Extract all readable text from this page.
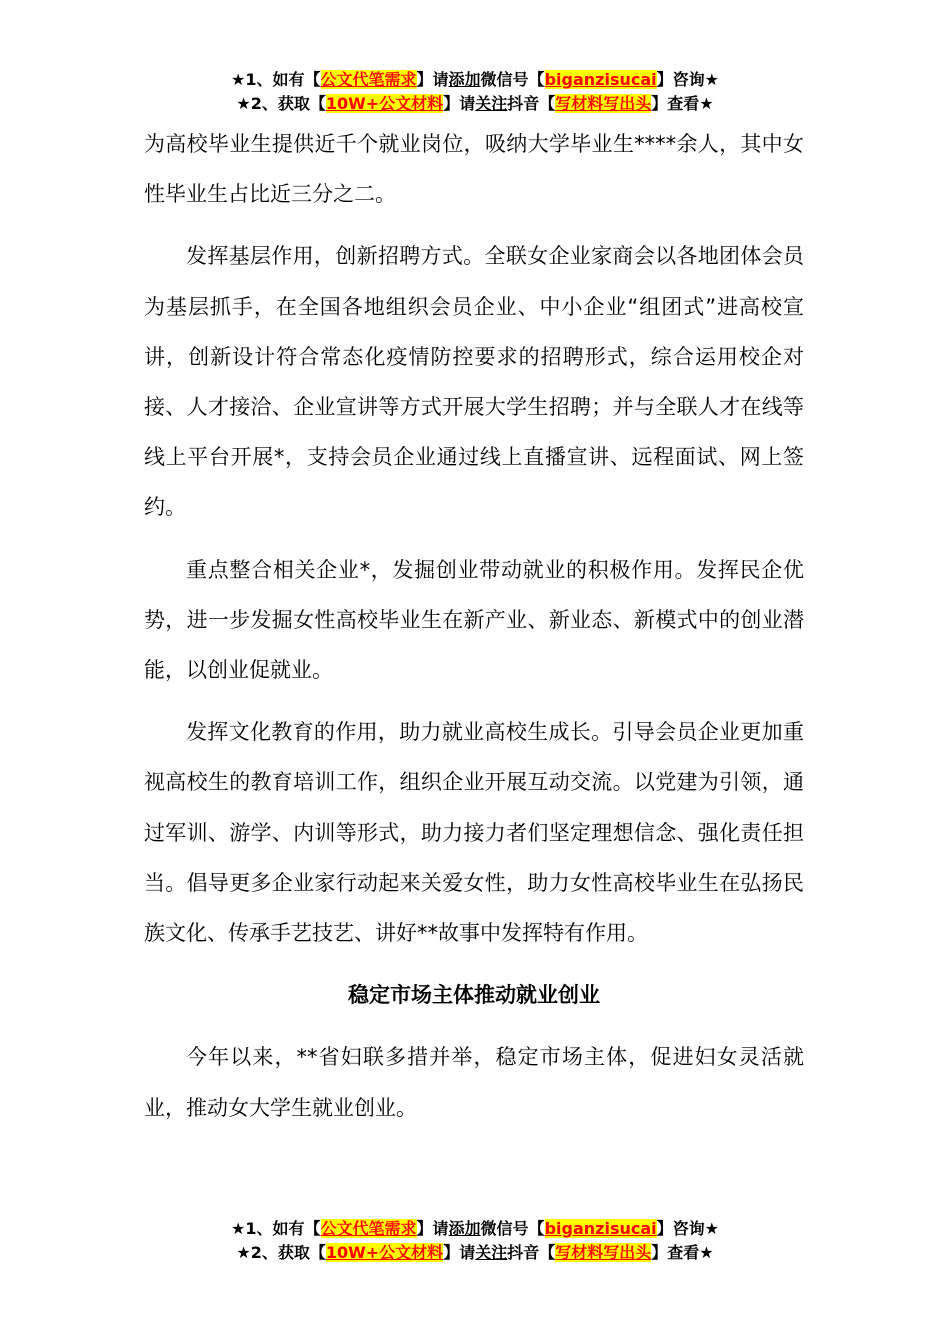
★1、如有【公文代笔需求】请添加微信号【biganzisucai】咨询★
★2、获取【10W+公文材料】请关注抖音【写材料写出头】查看★

为高校毕业生提供近千个就业岗位，吸纳大学毕业生****余人，其中女性毕业生占比近三分之二。

发挥基层作用，创新招聘方式。全联女企业家商会以各地团体会员为基层抓手，在全国各地组织会员企业、中小企业“组团式”进高校宣讲，创新设计符合常态化疫情防控要求的招聘形式，综合运用校企对接、人才接洽、企业宣讲等方式开展大学生招聘；并与全联人才在线等线上平台开展*，支持会员企业通过线上直播宣讲、远程面试、网上签约。

重点整合相关企业*，发掘创业带动就业的积极作用。发挥民企优势，进一步发掘女性高校毕业生在新产业、新业态、新模式中的创业潜能，以创业促就业。

发挥文化教育的作用，助力就业高校生成长。引导会员企业更加重视高校生的教育培训工作，组织企业开展互动交流。以党建为引领，通过军训、游学、内训等形式，助力接力者们坚定理想信念、强化责任担当。倡导更多企业家行动起来关爱女性，助力女性高校毕业生在弘扬民族文化、传承手艺技艺、讲好**故事中发挥特有作用。

稳定市场主体推动就业创业

今年以来，**省妇联多措并举，稳定市场主体，促进妇女灵活就业，推动女大学生就业创业。

★1、如有【公文代笔需求】请添加微信号【biganzisucai】咨询★
★2、获取【10W+公文材料】请关注抖音【写材料写出头】查看★
